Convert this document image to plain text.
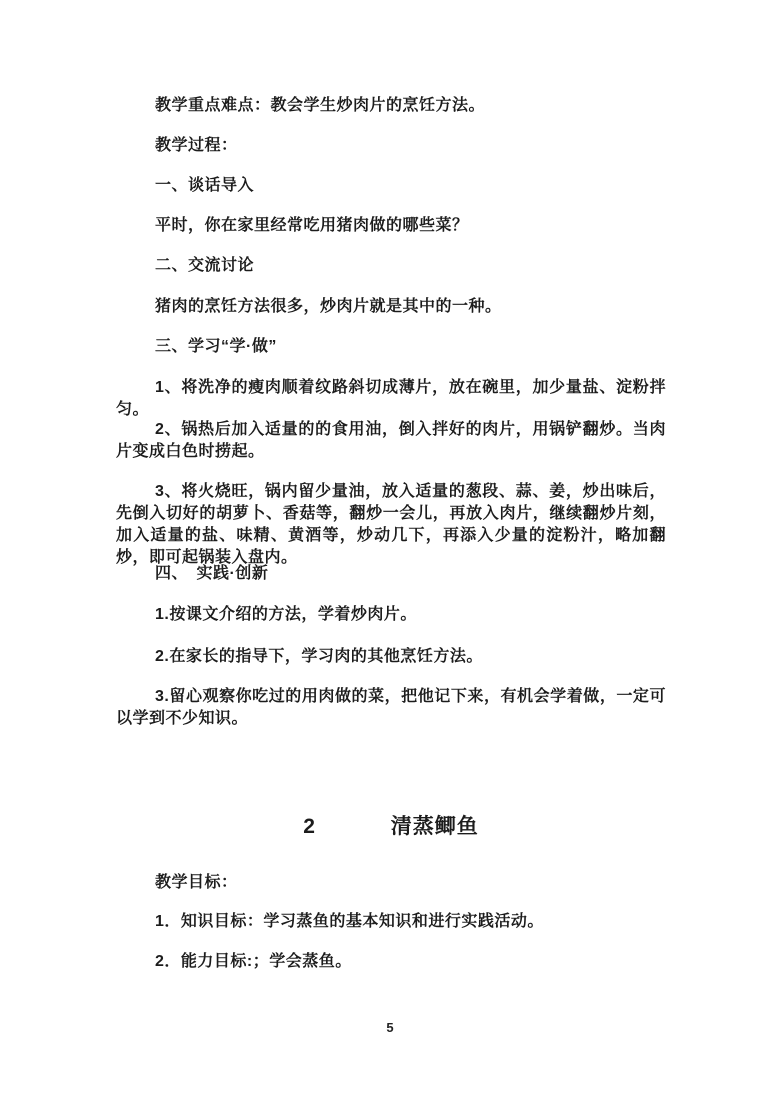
教学重点难点：教会学生炒肉片的烹饪方法。

教学过程：

一、谈话导入

平时，你在家里经常吃用猪肉做的哪些菜？

二、交流讨论

猪肉的烹饪方法很多，炒肉片就是其中的一种。

三、学习“学·做”

1、将洗净的瘦肉顺着纹路斜切成薄片，放在碗里，加少量盐、淀粉拌匀。

2、锅热后加入适量的的食用油，倒入拌好的肉片，用锅铲翻炒。当肉片变成白色时捞起。

3、将火烧旺，锅内留少量油，放入适量的葱段、蒜、姜，炒出味后，先倒入切好的胡萝卜、香菇等，翻炒一会儿，再放入肉片，继续翻炒片刻，加入适量的盐、味精、黄酒等，炒动几下，再添入少量的淀粉汁，略加翻炒，即可起锅装入盘内。

四、　实践·创新

1.按课文介绍的方法，学着炒肉片。

2.在家长的指导下，学习肉的其他烹饪方法。

3.留心观察你吃过的用肉做的菜，把他记下来，有机会学着做，一定可以学到不少知识。

2	清蒸鲫鱼

教学目标：

1．知识目标：学习蒸鱼的基本知识和进行实践活动。

2．能力目标:；学会蒸鱼。

5
